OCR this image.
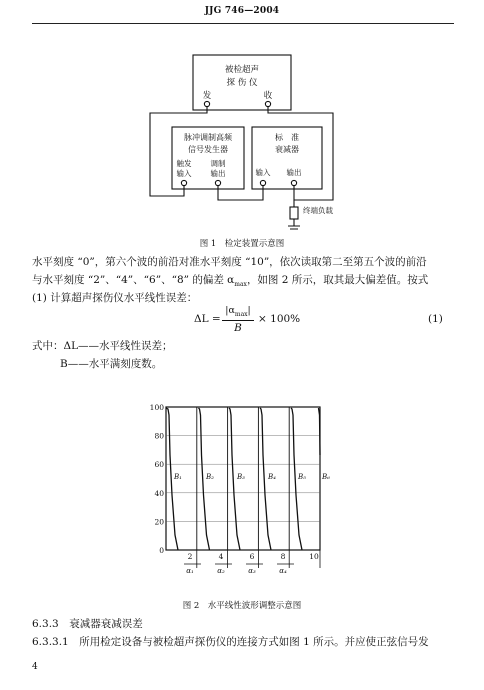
JJG 746—2004
被检超声
探 伤 仪
发	收
脉冲调制高频
信号发生器
触发
输入
调制
输出
标　准
衰减器
输入 输出
终端负载
图 1　检定装置示意图
水平刻度 “0”，第六个波的前沿对准水平刻度 “10”，依次读取第二至第五个波的前沿
与水平刻度 “2”、“4”、“6”、“8” 的偏差 $\alpha_{max}$，如图 2 所示，取其最大偏差值。按式
(1) 计算超声探伤仪水平线性误差：
ΔL =
$|\alpha_{max}|$
B
× 100%	(1)
式中：ΔL——水平线性误差；
B——水平满刻度数。
100
80
60
40
20
0
2	4	6	8	10
α₁	α₂	α₃	α₄
B₁	B₂	B₃	B₄	B₅ B₆
图 2　水平线性波形调整示意图
6.3.3　衰减器衰减误差
6.3.3.1　所用检定设备与被检超声探伤仪的连接方式如图 1 所示。并应使正弦信号发
4
